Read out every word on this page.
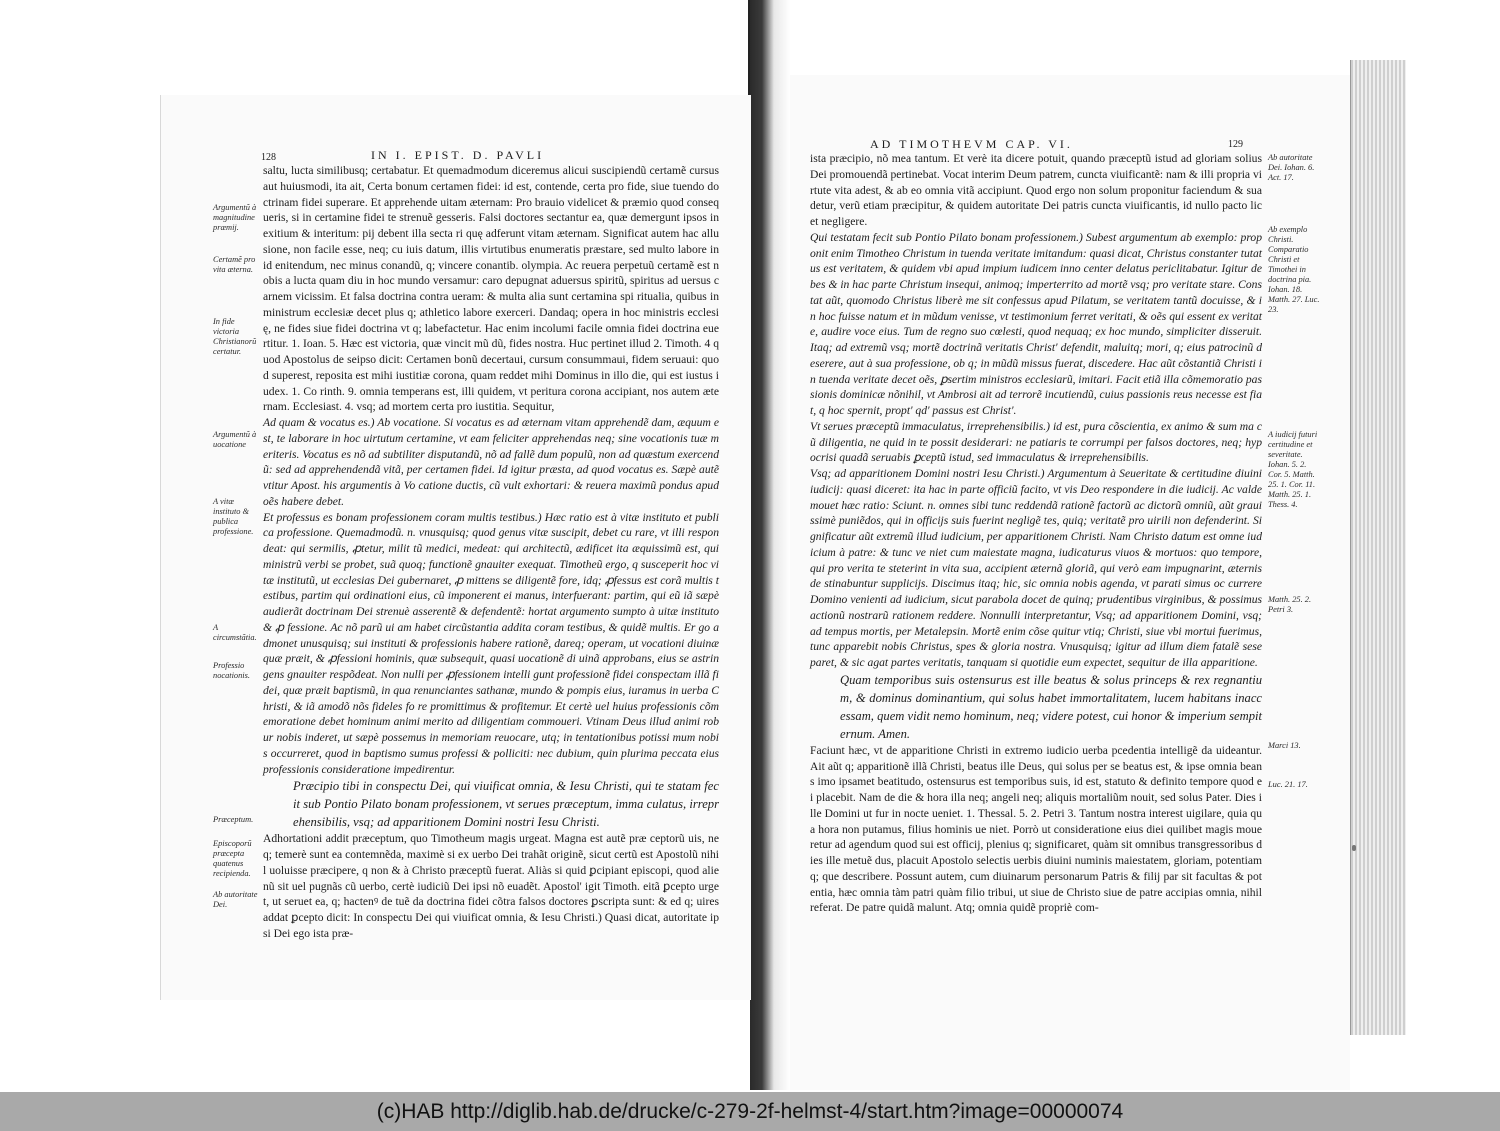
128	IN I. EPIST. D. PAVLI
Argumentũ à magnitudine præmij.
Certamẽ pro vita æterna.
In fide victoria Christianorũ certatur.
Argumentũ à uocatione
A vitæ instituto & publica professione.
A circumstãtia.
Professio nocationis.
Præceptum.
Episcoporũ præcepta quatenus recipienda.
Ab autoritate Dei.

saltu, lucta similibusq; certabatur. Et quemadmodum diceremus alicui suscipiendũ certamẽ cursus aut huiusmodi, ita ait, Certa bonum certamen fidei: id est, contende, certa pro fide, siue tuendo doctrinam fidei superare. Et apprehende uitam æternam: Pro brauio videlicet & præmio quod consequeris, si in certamine fidei te strenuẽ gesseris. Falsi doctores sectantur ea, quæ demergunt ipsos in exitium & interitum: pij debent illa secta ri quę adferunt vitam æternam. Significat autem hac allusione, non facile esse, neq; cu iuis datum, illis virtutibus enumeratis præstare, sed multo labore in id enitendum, nec minus conandũ, q; vincere conantib. olympia. Ac reuera perpetuũ certamẽ est nobis a lucta quam diu in hoc mundo versamur: caro depugnat aduersus spiritũ, spiritus ad uersus carnem vicissim. Et falsa doctrina contra ueram: & multa alia sunt certamina spi ritualia, quibus in ministrum ecclesiæ decet plus q; athletico labore exerceri. Dandaq; opera in hoc ministris ecclesię, ne fides siue fidei doctrina vt q; labefactetur. Hac enim incolumi facile omnia fidei doctrina euertitur. 1. Ioan. 5. Hæc est victoria, quæ vincit mũ dũ, fides nostra. Huc pertinet illud 2. Timoth. 4 quod Apostolus de seipso dicit: Certamen bonũ decertaui, cursum consummaui, fidem seruaui: quod superest, reposita est mihi iustitiæ corona, quam reddet mihi Dominus in illo die, qui est iustus iudex. 1. Co rinth. 9. omnia temperans est, illi quidem, vt peritura corona accipiant, nos autem æternam. Ecclesiast. 4. vsq; ad mortem certa pro iustitia. Sequitur,

Ad quam & vocatus es.) Ab vocatione. Si vocatus es ad æternam vitam apprehendẽ dam, æquum est, te laborare in hoc uirtutum certamine, vt eam feliciter apprehendas neq; sine vocationis tuæ meriteris. Vocatus es nõ ad subtiliter disputandũ, nõ ad fallẽ dum populũ, non ad quæstum exercendũ: sed ad apprehendendã vitã, per certamen fidei. Id igitur præsta, ad quod vocatus es. Sæpè autẽ vtitur Apost. his argumentis à Vo catione ductis, cũ vult exhortari: & reuera maximũ pondus apud oẽs habere debet.

Et professus es bonam professionem coram multis testibus.) Hæc ratio est à vitæ instituto et publica professione. Quemadmodũ. n. vnusquisq; quod genus vitæ suscipit, debet cu rare, vt illi respondeat: qui sermilis, ꝓtetur, milit tũ medici, medeat: qui architectũ, ædificet ita æquissimũ est, qui ministrũ verbi se probet, suã quoq; functionẽ gnauiter exequat. Timotheũ ergo, q susceperit hoc vitæ institutũ, ut ecclesias Dei gubernaret, ꝓ mittens se diligentẽ fore, idq; ꝓfessus est corã multis testibus, partim qui ordinationi eius, cũ imponerent ei manus, interfuerant: partim, qui eũ iã sæpè audierãt doctrinam Dei strenuè asserentẽ & defendentẽ: hortat argumento sumpto à uitæ instituto & ꝓ fessione. Ac nõ parũ ui am habet circũstantia addita coram testibus, & quidẽ multis. Er go admonet unusquisq; sui instituti & professionis habere rationẽ, dareq; operam, ut vocationi diuinæ quæ præit, & ꝓfessioni hominis, quæ subsequit, quasi uocationẽ di uinã approbans, eius se astringens gnauiter respõdeat. Non nulli per ꝓfessionem intelli gunt professionẽ fidei conspectam illã fidei, quæ præit baptismũ, in qua renunciantes sathanæ, mundo & pompis eius, iuramus in uerba Christi, & iã amodõ nõs fideles fo re promittimus & profitemur. Et certè uel huius professionis cõmemoratione debet hominum animi merito ad diligentiam commoueri. Vtinam Deus illud animi robur nobis inderet, ut sæpè possemus in memoriam reuocare, utq; in tentationibus potissi mum nobis occurreret, quod in baptismo sumus professi & polliciti: nec dubium, quin plurima peccata eius professionis consideratione impedirentur.

Præcipio tibi in conspectu Dei, qui viuificat omnia, & Iesu Christi, qui te statam fecit sub Pontio Pilato bonam professionem, vt serues præceptum, imma culatus, irreprehensibilis, vsq; ad apparitionem Domini nostri Iesu Christi.

Adhortationi addit præceptum, quo Timotheum magis urgeat. Magna est autẽ præ ceptorũ uis, neq; temerè sunt ea contemnẽda, maximè si ex uerbo Dei trahãt originẽ, sicut certũ est Apostolũ nihil uoluisse præcipere, q non & à Christo præceptũ fuerat. Aliàs si quid ꝑcipiant episcopi, quod alienũ sit uel pugnãs cũ uerbo, certè iudiciũ Dei ipsi nõ euadẽt. Apostol' igit Timoth. eitã ꝑcepto urget, ut seruet ea, q; hactenꝰ de tuẽ da doctrina fidei cõtra falsos doctores ꝑscripta sunt: & ed q; uires addat ꝑcepto dicit: In conspectu Dei qui viuificat omnia, & Iesu Christi.) Quasi dicat, autoritate ipsi Dei ego ista præ-

AD TIMOTHEVM CAP. VI.	129

ista præcipio, nõ mea tantum. Et verè ita dicere potuit, quando præceptũ istud ad gloriam solius Dei promouendã pertinebat. Vocat interim Deum patrem, cuncta viuificantẽ: nam & illi propria virtute vita adest, & ab eo omnia vitã accipiunt. Quod ergo non solum proponitur faciendum & suadetur, verũ etiam præcipitur, & quidem autoritate Dei patris cuncta viuificantis, id nullo pacto licet negligere.

Qui testatam fecit sub Pontio Pilato bonam professionem.) Subest argumentum ab exemplo: proponit enim Timotheo Christum in tuenda veritate imitandum: quasi dicat, Christus constanter tutatus est veritatem, & quidem vbi apud impium iudicem inno center delatus periclitabatur. Igitur debes & in hac parte Christum insequi, animoq; imperterrito ad mortẽ vsq; pro veritate stare. Constat aũt, quomodo Christus liberè me sit confessus apud Pilatum, se veritatem tantũ docuisse, & in hoc fuisse natum et in mũdum venisse, vt testimonium ferret veritati, & oẽs qui essent ex veritate, audire voce eius. Tum de regno suo cœlesti, quod nequaq; ex hoc mundo, simpliciter disseruit. Itaq; ad extremũ vsq; mortẽ doctrinã veritatis Christ' defendit, maluitq; mori, q; eius patrocinũ deserere, aut à sua professione, ob q; in mũdũ missus fuerat, discedere. Hac aũt cõstantiã Christi in tuenda veritate decet oẽs, ꝑsertim ministros ecclesiarũ, imitari. Facit etiã illa cõmemoratio passionis dominicæ nõnihil, vt Ambrosi ait ad terrorẽ incutiendũ, cuius passionis reus necesse est fiat, q hoc spernit, propt' qd' passus est Christ'.

Vt serues præceptũ immaculatus, irreprehensibilis.) id est, pura cõscientia, ex animo & sum ma cũ diligentia, ne quid in te possit desiderari: ne patiaris te corrumpi per falsos doctores, neq; hypocrisi quadã seruabis ꝑceptũ istud, sed immaculatus & irreprehensibilis.

Vsq; ad apparitionem Domini nostri Iesu Christi.) Argumentum à Seueritate & certitudine diuini iudicij: quasi diceret: ita hac in parte officiũ facito, vt vis Deo respondere in die iudicij. Ac valde mouet hæc ratio: Sciunt. n. omnes sibi tunc reddendã rationẽ factorũ ac dictorũ omniũ, aũt grauissimè puniẽdos, qui in officijs suis fuerint negligẽ tes, quiq; veritatẽ pro uirili non defenderint. Significatur aũt extremũ illud iudicium, per apparitionem Christi. Nam Christo datum est omne iudicium à patre: & tunc ve niet cum maiestate magna, iudicaturus viuos & mortuos: quo tempore, qui pro verita te steterint in vita sua, accipient æternã gloriã, qui verò eam impugnarint, æternis de stinabuntur supplicijs. Discimus itaq; hic, sic omnia nobis agenda, vt parati simus oc currere Domino venienti ad iudicium, sicut parabola docet de quinq; prudentibus virginibus, & possimus actionũ nostrarũ rationem reddere. Nonnulli interpretantur, Vsq; ad apparitionem Domini, vsq; ad tempus mortis, per Metalepsin. Mortẽ enim cõse quitur vtiq; Christi, siue vbi mortui fuerimus, tunc apparebit nobis Christus, spes & gloria nostra. Vnusquisq; igitur ad illum diem fatalẽ sese paret, & sic agat partes veritatis, tanquam si quotidie eum expectet, sequitur de illa apparitione.

Quam temporibus suis ostensurus est ille beatus & solus princeps & rex regnantium, & dominus dominantium, qui solus habet immortalitatem, lucem habitans inaccessam, quem vidit nemo hominum, neq; videre potest, cui honor & imperium sempiternum. Amen.

Faciunt hæc, vt de apparitione Christi in extremo iudicio uerba pcedentia intelligẽ da uideantur. Ait aũt q; apparitionẽ illã Christi, beatus ille Deus, qui solus per se beatus est, & ipse omnia beans imo ipsamet beatitudo, ostensurus est temporibus suis, id est, statuto & definito tempore quod ei placebit. Nam de die & hora illa neq; angeli neq; aliquis mortaliũm nouit, sed solus Pater. Dies ille Domini ut fur in nocte ueniet. 1. Thessal. 5. 2. Petri 3. Tantum nostra interest uigilare, quia qua hora non putamus, filius hominis ue niet. Porrò ut consideratione eius diei quilibet magis moueretur ad agendum quod sui est officij, plenius q; significaret, quàm sit omnibus transgressoribus dies ille metuẽ dus, placuit Apostolo selectis uerbis diuini numinis maiestatem, gloriam, potentiam q; que describere. Possunt autem, cum diuinarum personarum Patris & filij par sit facultas & potentia, hæc omnia tàm patri quàm filio tribui, ut siue de Christo siue de patre accipias omnia, nihil referat. De patre quidã malunt. Atq; omnia quidẽ propriè com-

Ab autoritate Dei. Iohan. 6. Act. 17.
Ab exemplo Christi. Comparatio Christi et Timothei in doctrina pia. Iohan. 18. Matth. 27. Luc. 23.
A iudicij futuri certitudine et severitate. Iohan. 5. 2. Cor. 5. Matth. 25. 1. Cor. 11. Matth. 25. 1. Thess. 4.
Matth. 25. 2. Petri 3.
Marci 13.
Luc. 21. 17.
(c)HAB http://diglib.hab.de/drucke/c-279-2f-helmst-4/start.htm?image=00000074
